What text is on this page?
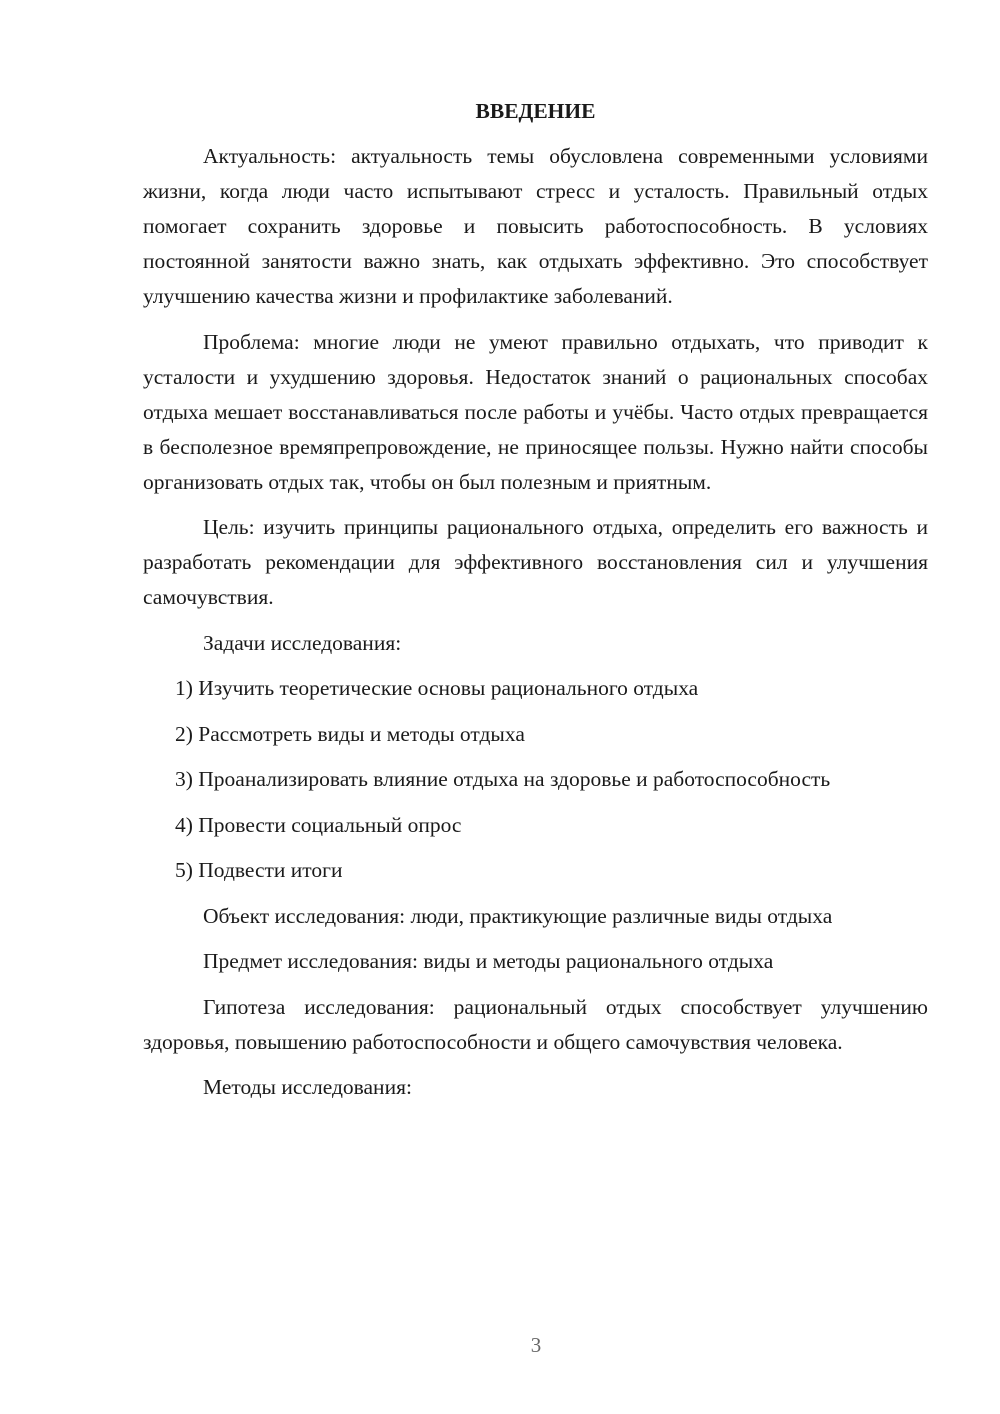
ВВЕДЕНИЕ

Актуальность: актуальность темы обусловлена современными условиями жизни, когда люди часто испытывают стресс и усталость. Правильный отдых помогает сохранить здоровье и повысить работоспособность. В условиях постоянной занятости важно знать, как отдыхать эффективно. Это способствует улучшению качества жизни и профилактике заболеваний.

Проблема: многие люди не умеют правильно отдыхать, что приводит к усталости и ухудшению здоровья. Недостаток знаний о рациональных способах отдыха мешает восстанавливаться после работы и учёбы. Часто отдых превращается в бесполезное времяпрепровождение, не приносящее пользы. Нужно найти способы организовать отдых так, чтобы он был полезным и приятным.

Цель: изучить принципы рационального отдыха, определить его важность и разработать рекомендации для эффективного восстановления сил и улучшения самочувствия.

Задачи исследования:

1) Изучить теоретические основы рационального отдыха

2) Рассмотреть виды и методы отдыха

3) Проанализировать влияние отдыха на здоровье и работоспособность

4) Провести социальный опрос

5) Подвести итоги

Объект исследования: люди, практикующие различные виды отдыха

Предмет исследования: виды и методы рационального отдыха

Гипотеза исследования: рациональный отдых способствует улучшению здоровья, повышению работоспособности и общего самочувствия человека.

Методы исследования:

3
